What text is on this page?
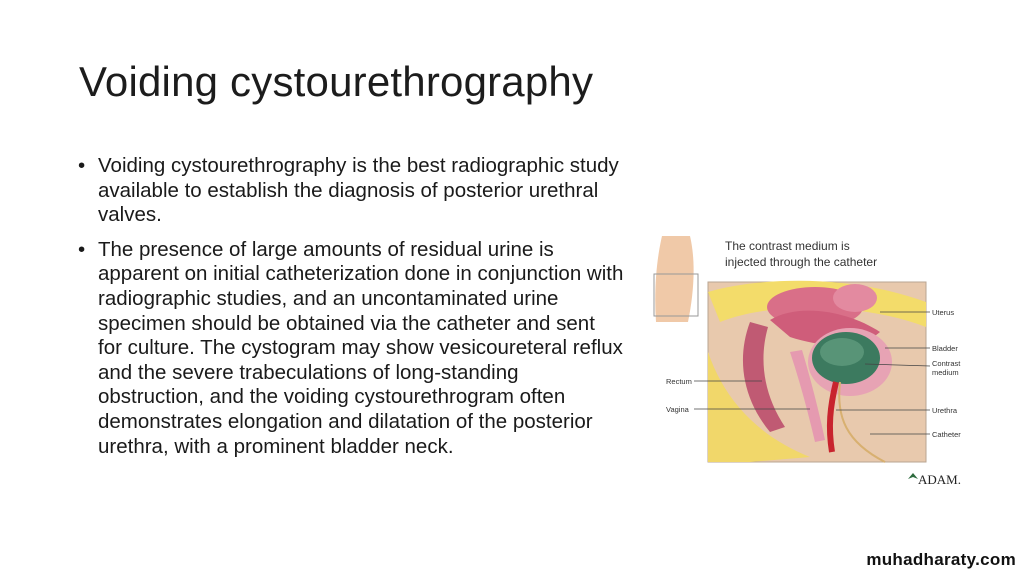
Voiding cystourethrography
• Voiding cystourethrography is the best radiographic study available to establish the diagnosis of posterior urethral valves.
• The presence of large amounts of residual urine is apparent on initial catheterization done in conjunction with radiographic studies, and an uncontaminated urine specimen should be obtained via the catheter and sent for culture. The cystogram may show vesicoureteral reflux and the severe trabeculations of long-standing obstruction, and the voiding cystourethrogram often demonstrates elongation and dilatation of the posterior urethra, with a prominent bladder neck.
The contrast medium is
injected through the catheter
Uterus
Bladder
Contrast
medium
Urethra
Catheter
Rectum
Vagina
ADAM.
muhadharaty.com
